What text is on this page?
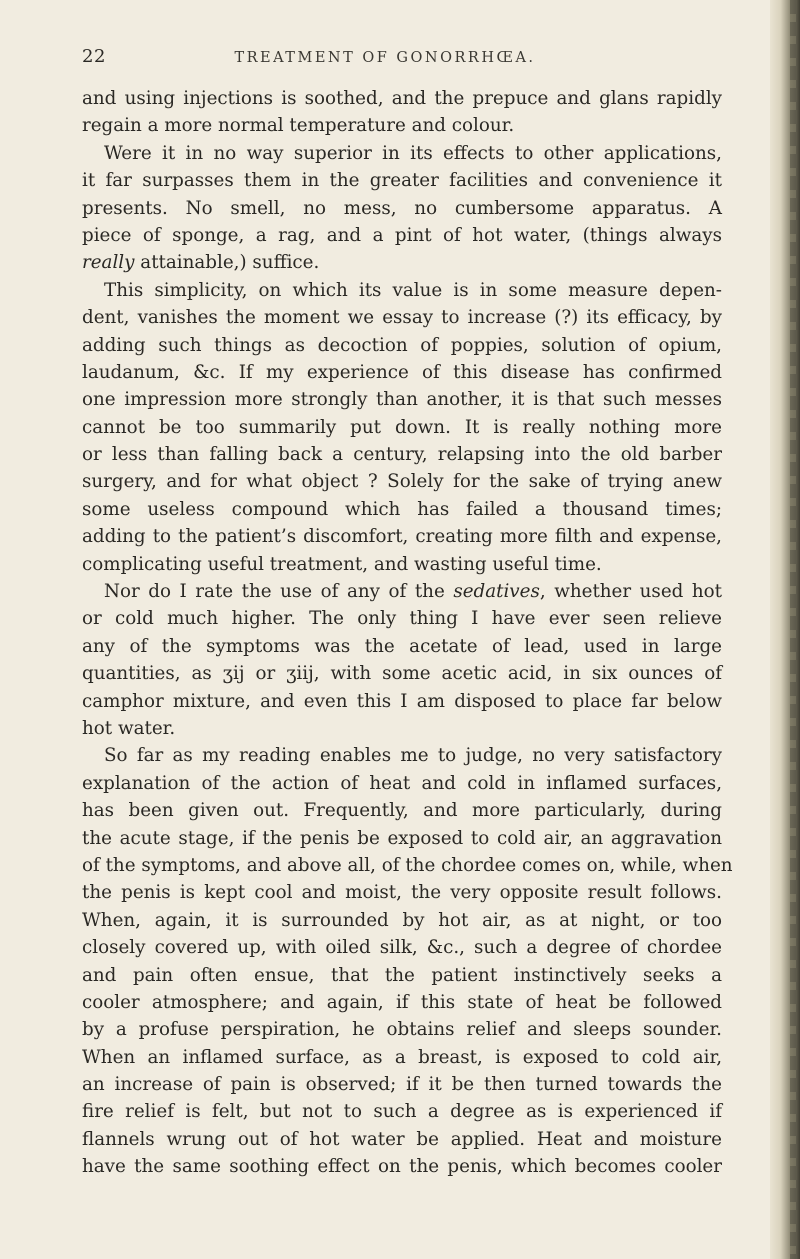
22	TREATMENT OF GONORRHŒA.
and using injections is soothed, and the prepuce and glans rapidly
regain a more normal temperature and colour.
Were it in no way superior in its effects to other applications,
it far surpasses them in the greater facilities and convenience it
presents. No smell, no mess, no cumbersome apparatus. A
piece of sponge, a rag, and a pint of hot water, (things always
really attainable,) suffice.
This simplicity, on which its value is in some measure depen-
dent, vanishes the moment we essay to increase (?) its efficacy, by
adding such things as decoction of poppies, solution of opium,
laudanum, &c. If my experience of this disease has confirmed
one impression more strongly than another, it is that such messes
cannot be too summarily put down. It is really nothing more
or less than falling back a century, relapsing into the old barber
surgery, and for what object ? Solely for the sake of trying anew
some useless compound which has failed a thousand times;
adding to the patient’s discomfort, creating more filth and expense,
complicating useful treatment, and wasting useful time.
Nor do I rate the use of any of the sedatives, whether used hot
or cold much higher. The only thing I have ever seen relieve
any of the symptoms was the acetate of lead, used in large
quantities, as ʒij or ʒiij, with some acetic acid, in six ounces of
camphor mixture, and even this I am disposed to place far below
hot water.
So far as my reading enables me to judge, no very satisfactory
explanation of the action of heat and cold in inflamed surfaces,
has been given out. Frequently, and more particularly, during
the acute stage, if the penis be exposed to cold air, an aggravation
of the symptoms, and above all, of the chordee comes on, while, when
the penis is kept cool and moist, the very opposite result follows.
When, again, it is surrounded by hot air, as at night, or too
closely covered up, with oiled silk, &c., such a degree of chordee
and pain often ensue, that the patient instinctively seeks a
cooler atmosphere; and again, if this state of heat be followed
by a profuse perspiration, he obtains relief and sleeps sounder.
When an inflamed surface, as a breast, is exposed to cold air,
an increase of pain is observed; if it be then turned towards the
fire relief is felt, but not to such a degree as is experienced if
flannels wrung out of hot water be applied. Heat and moisture
have the same soothing effect on the penis, which becomes cooler
